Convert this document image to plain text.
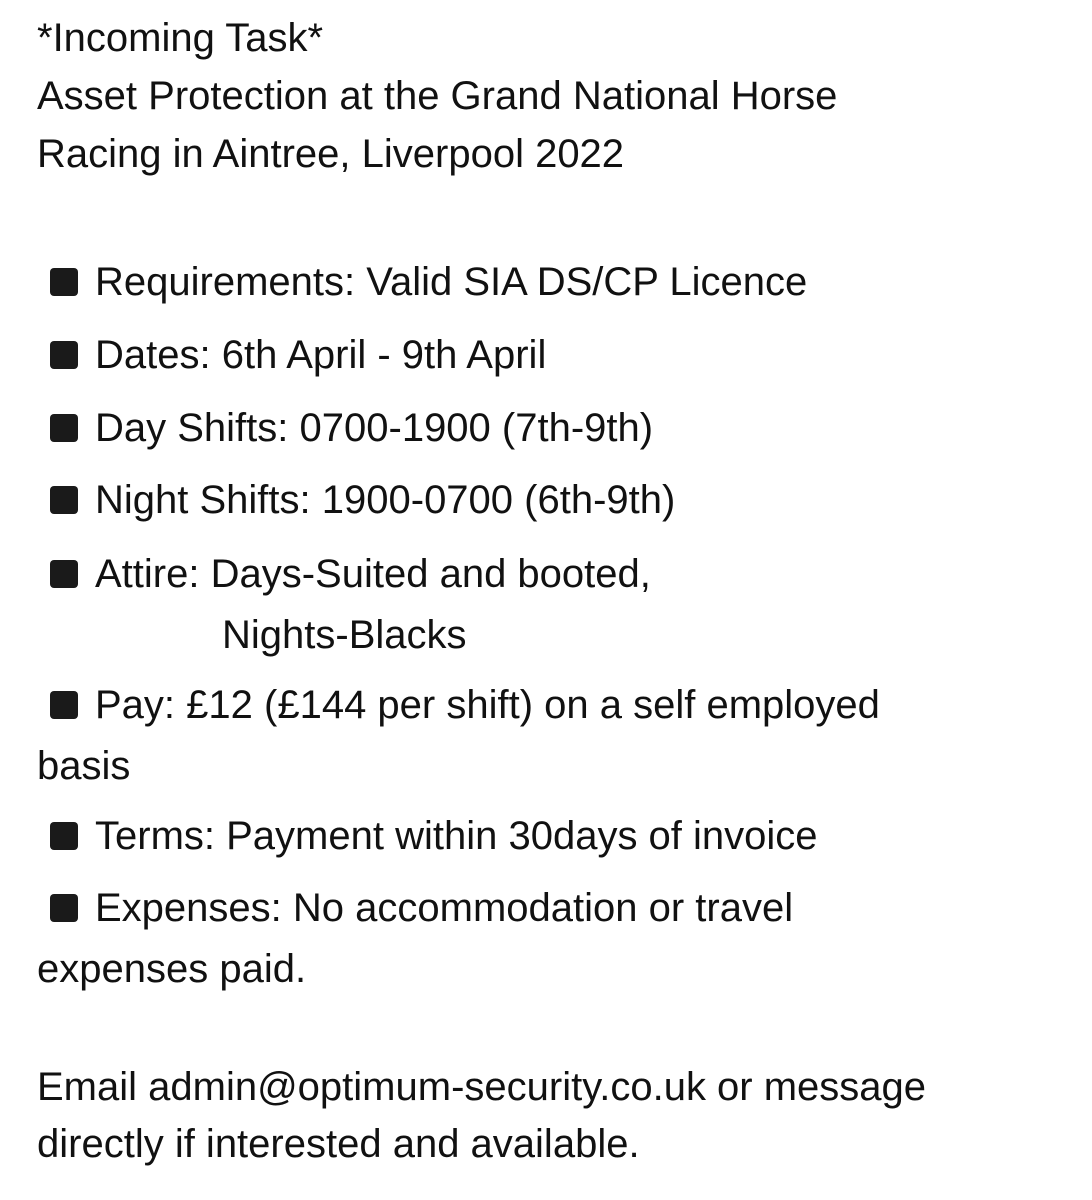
*Incoming Task*

Asset Protection at the Grand National Horse

Racing in Aintree, Liverpool 2022

Requirements: Valid SIA DS/CP Licence
Dates: 6th April - 9th April
Day Shifts: 0700-1900 (7th-9th)
Night Shifts: 1900-0700 (6th-9th)
Attire: Days-Suited and booted,

Nights-Blacks

Pay: £12 (£144 per shift) on a self employed

basis

Terms: Payment within 30days of invoice
Expenses: No accommodation or travel

expenses paid.

Email admin@optimum-security.co.uk or message

directly if interested and available.
